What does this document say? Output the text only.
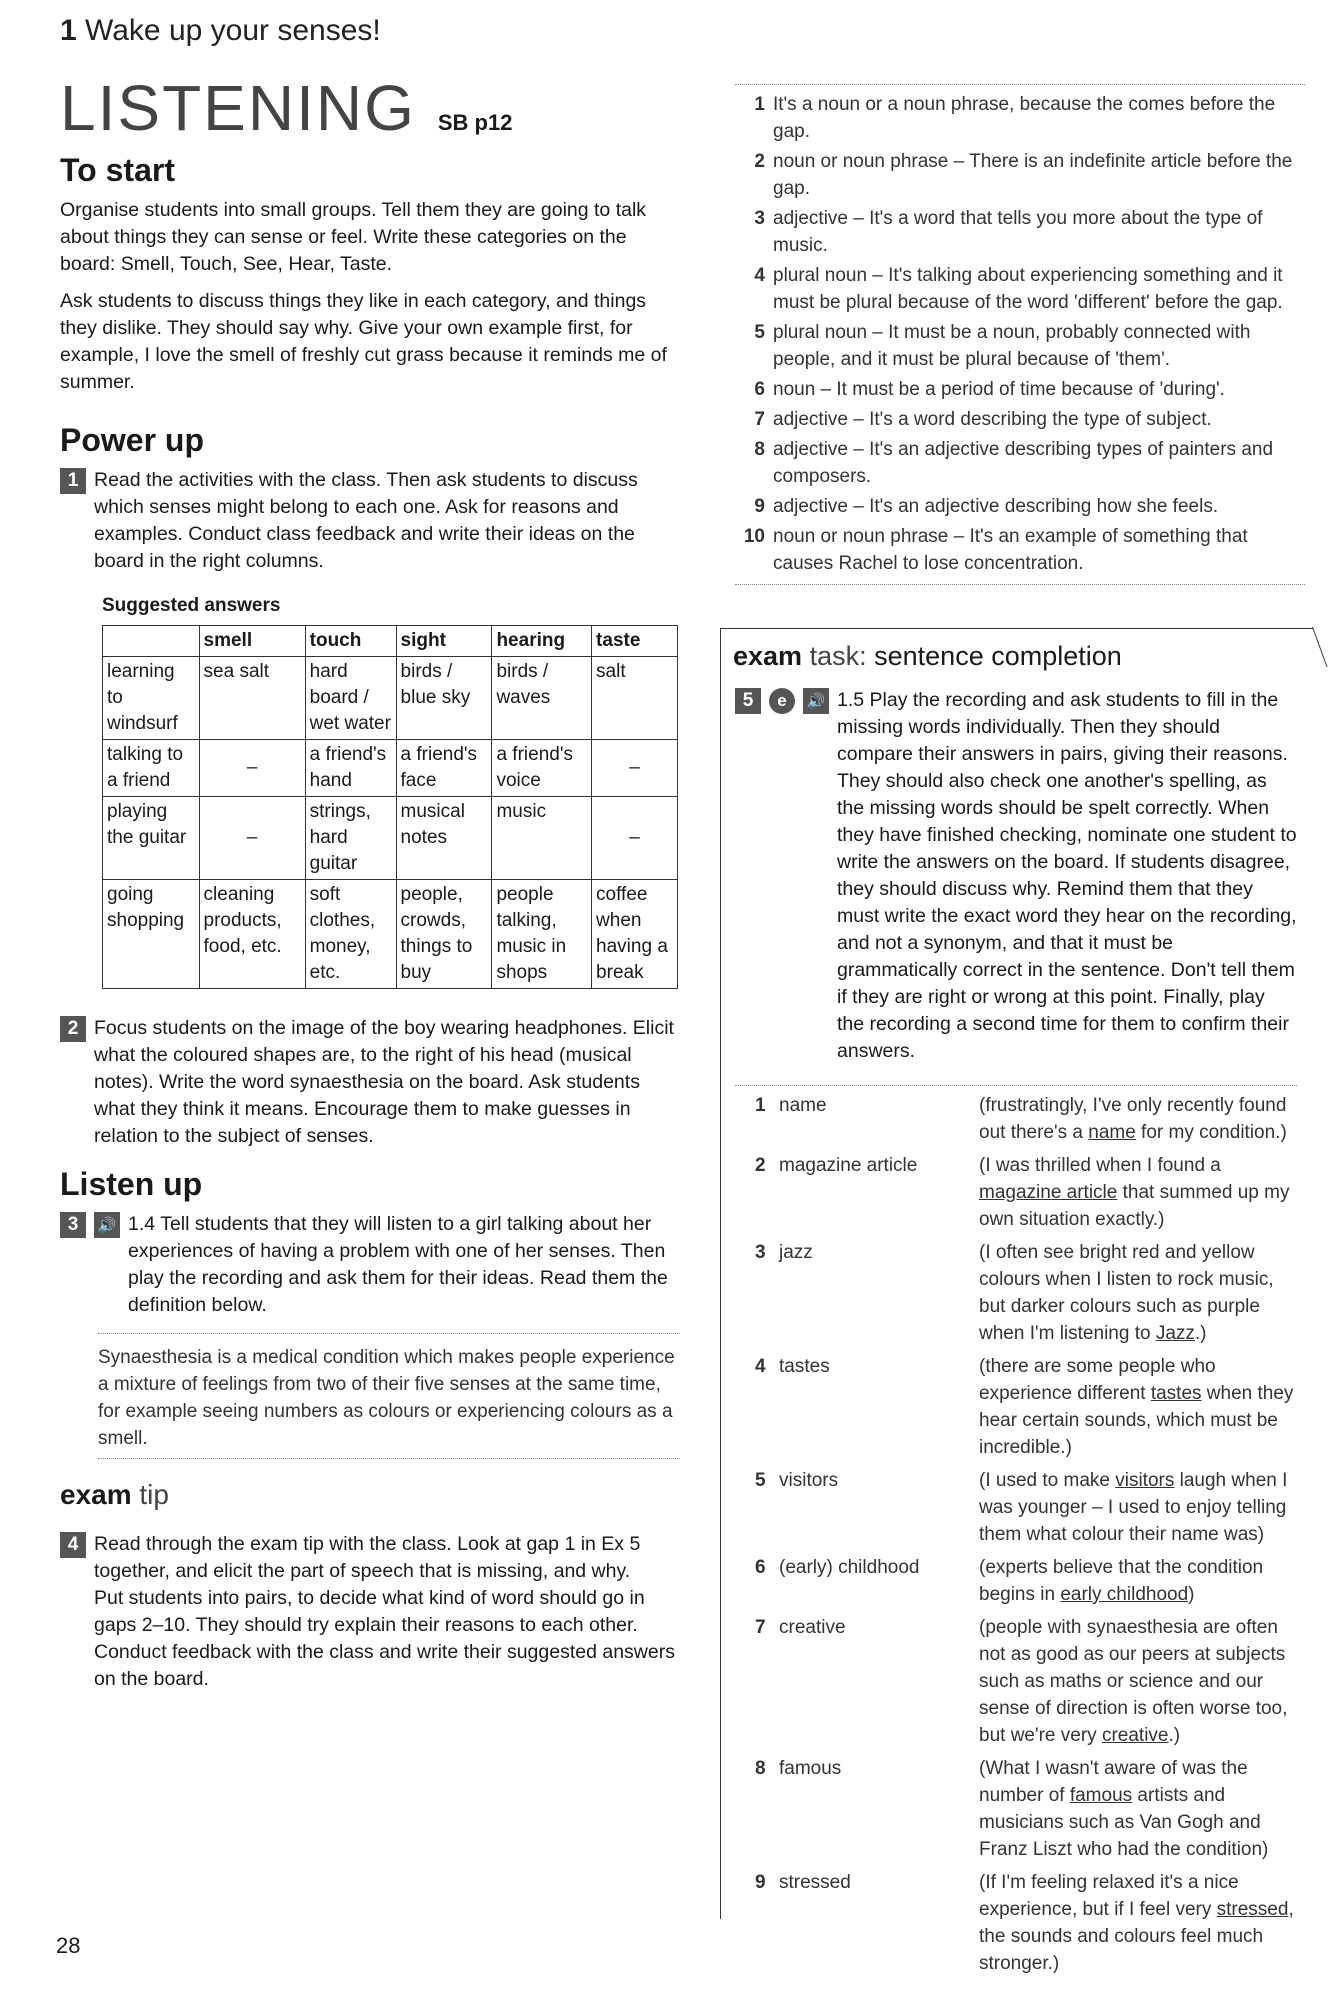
1 Wake up your senses!
LISTENING SB p12
To start

Organise students into small groups. Tell them they are going to talk about things they can sense or feel. Write these categories on the board: Smell, Touch, See, Hear, Taste.

Ask students to discuss things they like in each category, and things they dislike. They should say why. Give your own example first, for example, I love the smell of freshly cut grass because it reminds me of summer.

Power up
1 Read the activities with the class. Then ask students to discuss which senses might belong to each one. Ask for reasons and examples. Conduct class feedback and write their ideas on the board in the right columns.

Suggested answers
	smell	touch	sight	hearing	taste
learning to windsurf	sea salt	hard board / wet water	birds / blue sky	birds / waves	salt
talking to a friend	–	a friend's hand	a friend's face	a friend's voice	–
playing the guitar	–	strings, hard guitar	musical notes	music	–
going shopping	cleaning products, food, etc.	soft clothes, money, etc.	people, crowds, things to buy	people talking, music in shops	coffee when having a break
2 Focus students on the image of the boy wearing headphones. Elicit what the coloured shapes are, to the right of his head (musical notes). Write the word synaesthesia on the board. Ask students what they think it means. Encourage them to make guesses in relation to the subject of senses.

Listen up
3	🔊 1.4 Tell students that they will listen to a girl talking about her experiences of having a problem with one of her senses. Then play the recording and ask them for their ideas. Read them the definition below.

Synaesthesia is a medical condition which makes people experience a mixture of feelings from two of their five senses at the same time, for example seeing numbers as colours or experiencing colours as a smell.
exam tip
4 Read through the exam tip with the class. Look at gap 1 in Ex 5 together, and elicit the part of speech that is missing, and why.

Put students into pairs, to decide what kind of word should go in gaps 2–10. They should try explain their reasons to each other. Conduct feedback with the class and write their suggested answers on the board.

28
1 It's a noun or a noun phrase, because the comes before the gap.
2 noun or noun phrase – There is an indefinite article before the gap.
3 adjective – It's a word that tells you more about the type of music.
4 plural noun – It's talking about experiencing something and it must be plural because of the word 'different' before the gap.
5 plural noun – It must be a noun, probably connected with people, and it must be plural because of 'them'.
6 noun – It must be a period of time because of 'during'.
7 adjective – It's a word describing the type of subject.
8 adjective – It's an adjective describing types of painters and composers.
9 adjective – It's an adjective describing how she feels.
10 noun or noun phrase – It's an example of something that causes Rachel to lose concentration.
exam task: sentence completion
5	e	🔊 1.5 Play the recording and ask students to fill in the missing words individually. Then they should compare their answers in pairs, giving their reasons. They should also check one another's spelling, as the missing words should be spelt correctly. When they have finished checking, nominate one student to write the answers on the board. If students disagree, they should discuss why. Remind them that they must write the exact word they hear on the recording, and not a synonym, and that it must be grammatically correct in the sentence. Don't tell them if they are right or wrong at this point. Finally, play the recording a second time for them to confirm their answers.

1 name	(frustratingly, I've only recently found out there's a name for my condition.)
2 magazine article	(I was thrilled when I found a magazine article that summed up my own situation exactly.)
3 jazz	(I often see bright red and yellow colours when I listen to rock music, but darker colours such as purple when I'm listening to Jazz.)
4 tastes	(there are some people who experience different tastes when they hear certain sounds, which must be incredible.)
5 visitors	(I used to make visitors laugh when I was younger – I used to enjoy telling them what colour their name was)
6 (early) childhood	(experts believe that the condition begins in early childhood)
7 creative	(people with synaesthesia are often not as good as our peers at subjects such as maths or science and our sense of direction is often worse too, but we're very creative.)
8 famous	(What I wasn't aware of was the number of famous artists and musicians such as Van Gogh and Franz Liszt who had the condition)
9 stressed	(If I'm feeling relaxed it's a nice experience, but if I feel very stressed, the sounds and colours feel much stronger.)
